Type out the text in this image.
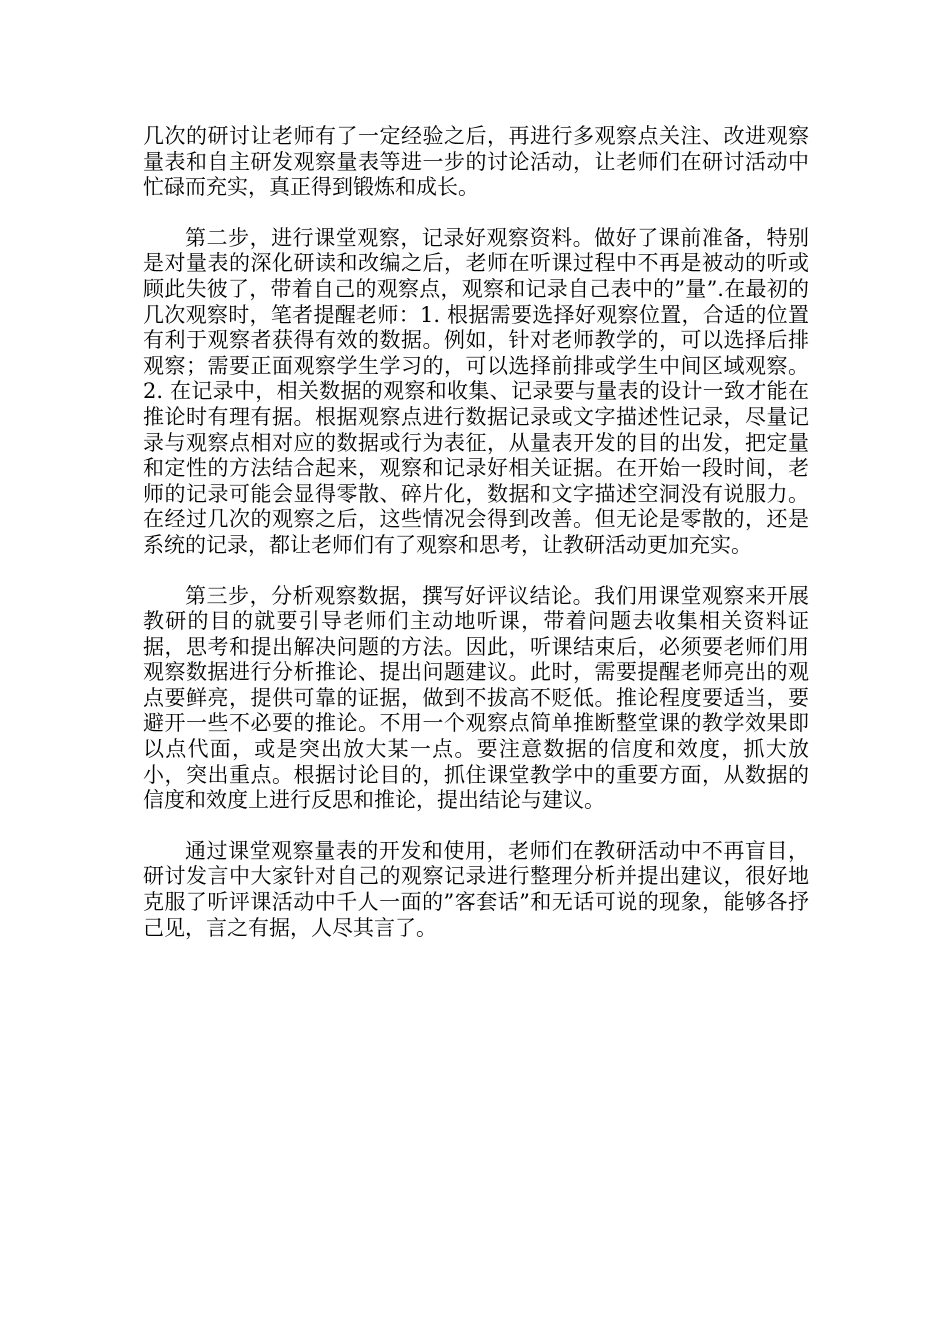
几次的研讨让老师有了一定经验之后，再进行多观察点关注、改进观察量表和自主研发观察量表等进一步的讨论活动，让老师们在研讨活动中忙碌而充实，真正得到锻炼和成长。

第二步，进行课堂观察，记录好观察资料。做好了课前准备，特别是对量表的深化研读和改编之后，老师在听课过程中不再是被动的听或顾此失彼了，带着自己的观察点，观察和记录自己表中的”量”.在最初的几次观察时，笔者提醒老师：1. 根据需要选择好观察位置，合适的位置有利于观察者获得有效的数据。例如，针对老师教学的，可以选择后排观察；需要正面观察学生学习的，可以选择前排或学生中间区域观察。2. 在记录中，相关数据的观察和收集、记录要与量表的设计一致才能在推论时有理有据。根据观察点进行数据记录或文字描述性记录，尽量记录与观察点相对应的数据或行为表征，从量表开发的目的出发，把定量和定性的方法结合起来，观察和记录好相关证据。在开始一段时间，老师的记录可能会显得零散、碎片化，数据和文字描述空洞没有说服力。在经过几次的观察之后，这些情况会得到改善。但无论是零散的，还是系统的记录，都让老师们有了观察和思考，让教研活动更加充实。

第三步，分析观察数据，撰写好评议结论。我们用课堂观察来开展教研的目的就要引导老师们主动地听课，带着问题去收集相关资料证据，思考和提出解决问题的方法。因此，听课结束后，必须要老师们用观察数据进行分析推论、提出问题建议。此时，需要提醒老师亮出的观点要鲜亮，提供可靠的证据，做到不拔高不贬低。推论程度要适当，要避开一些不必要的推论。不用一个观察点简单推断整堂课的教学效果即以点代面，或是突出放大某一点。要注意数据的信度和效度，抓大放小，突出重点。根据讨论目的，抓住课堂教学中的重要方面，从数据的信度和效度上进行反思和推论，提出结论与建议。

通过课堂观察量表的开发和使用，老师们在教研活动中不再盲目，研讨发言中大家针对自己的观察记录进行整理分析并提出建议，很好地克服了听评课活动中千人一面的”客套话”和无话可说的现象，能够各抒己见，言之有据，人尽其言了。
